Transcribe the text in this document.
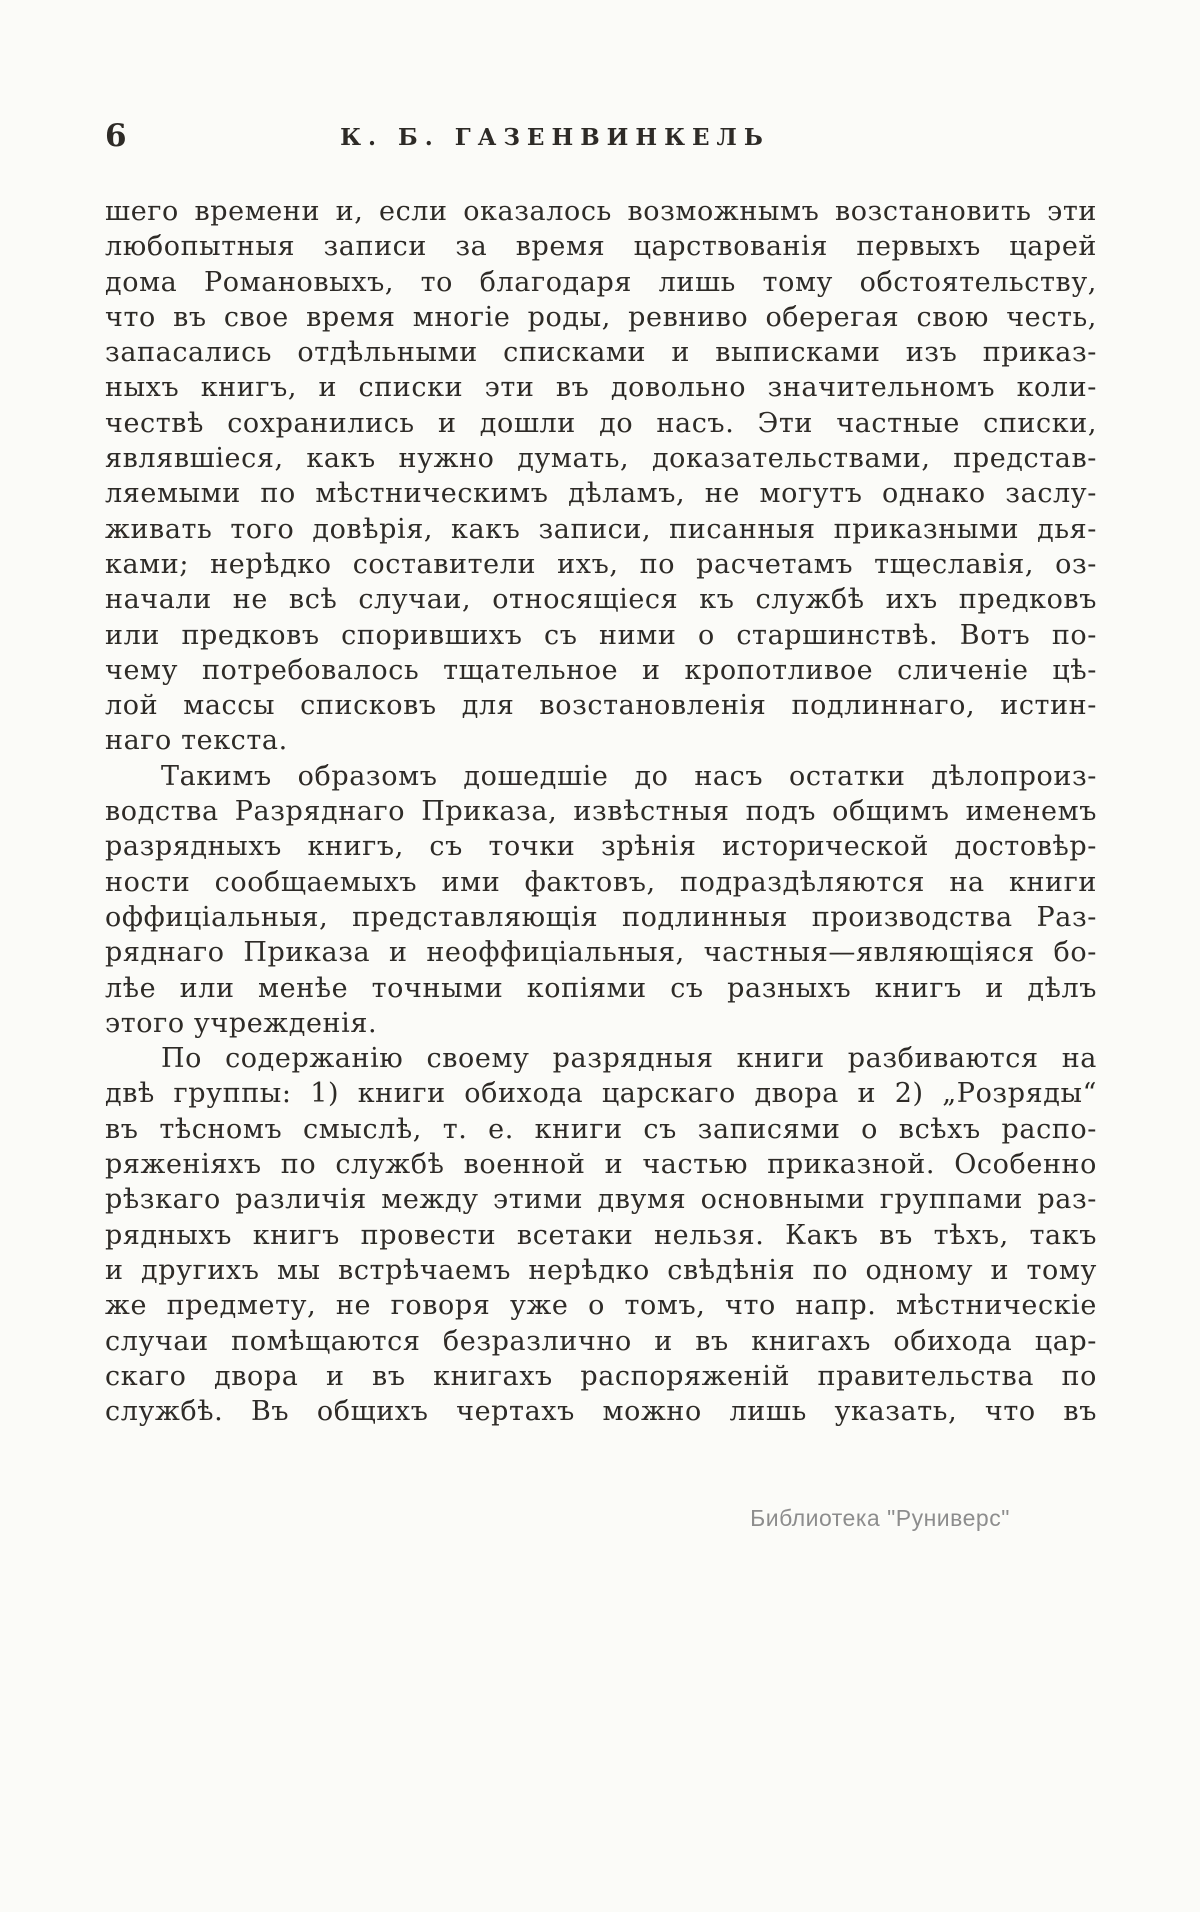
6	К. Б. ГАЗЕНВИНКЕЛЬ
шего времени и, если оказалось возможнымъ возстановить эти
любопытныя записи за время царствованія первыхъ царей
дома Романовыхъ, то благодаря лишь тому обстоятельству,
что въ свое время многіе роды, ревниво оберегая свою честь,
запасались отдѣльными списками и выписками изъ приказ-
ныхъ книгъ, и списки эти въ довольно значительномъ коли-
чествѣ сохранились и дошли до насъ. Эти частные списки,
являвшіеся, какъ нужно думать, доказательствами, представ-
ляемыми по мѣстническимъ дѣламъ, не могутъ однако заслу-
живать того довѣрія, какъ записи, писанныя приказными дья-
ками; нерѣдко составители ихъ, по расчетамъ тщеславія, оз-
начали не всѣ случаи, относящіеся къ службѣ ихъ предковъ
или предковъ спорившихъ съ ними о старшинствѣ. Вотъ по-
чему потребовалось тщательное и кропотливое сличеніе цѣ-
лой массы списковъ для возстановленія подлиннаго, истин-
наго текста.
Такимъ образомъ дошедшіе до насъ остатки дѣлопроиз-
водства Разряднаго Приказа, извѣстныя подъ общимъ именемъ
разрядныхъ книгъ, съ точки зрѣнія исторической достовѣр-
ности сообщаемыхъ ими фактовъ, подраздѣляются на книги
оффиціальныя, представляющія подлинныя производства Раз-
ряднаго Приказа и неоффиціальныя, частныя—являющіяся бо-
лѣе или менѣе точными копіями съ разныхъ книгъ и дѣлъ
этого учрежденія.
По содержанію своему разрядныя книги разбиваются на
двѣ группы: 1) книги обихода царскаго двора и 2) „Розряды“
въ тѣсномъ смыслѣ, т. е. книги съ записями о всѣхъ распо-
ряженіяхъ по службѣ военной и частью приказной. Особенно
рѣзкаго различія между этими двумя основными группами раз-
рядныхъ книгъ провести всетаки нельзя. Какъ въ тѣхъ, такъ
и другихъ мы встрѣчаемъ нерѣдко свѣдѣнія по одному и тому
же предмету, не говоря уже о томъ, что напр. мѣстническіе
случаи помѣщаются безразлично и въ книгахъ обихода цар-
скаго двора и въ книгахъ распоряженій правительства по
службѣ. Въ общихъ чертахъ можно лишь указать, что въ
Библиотека "Руниверс"
